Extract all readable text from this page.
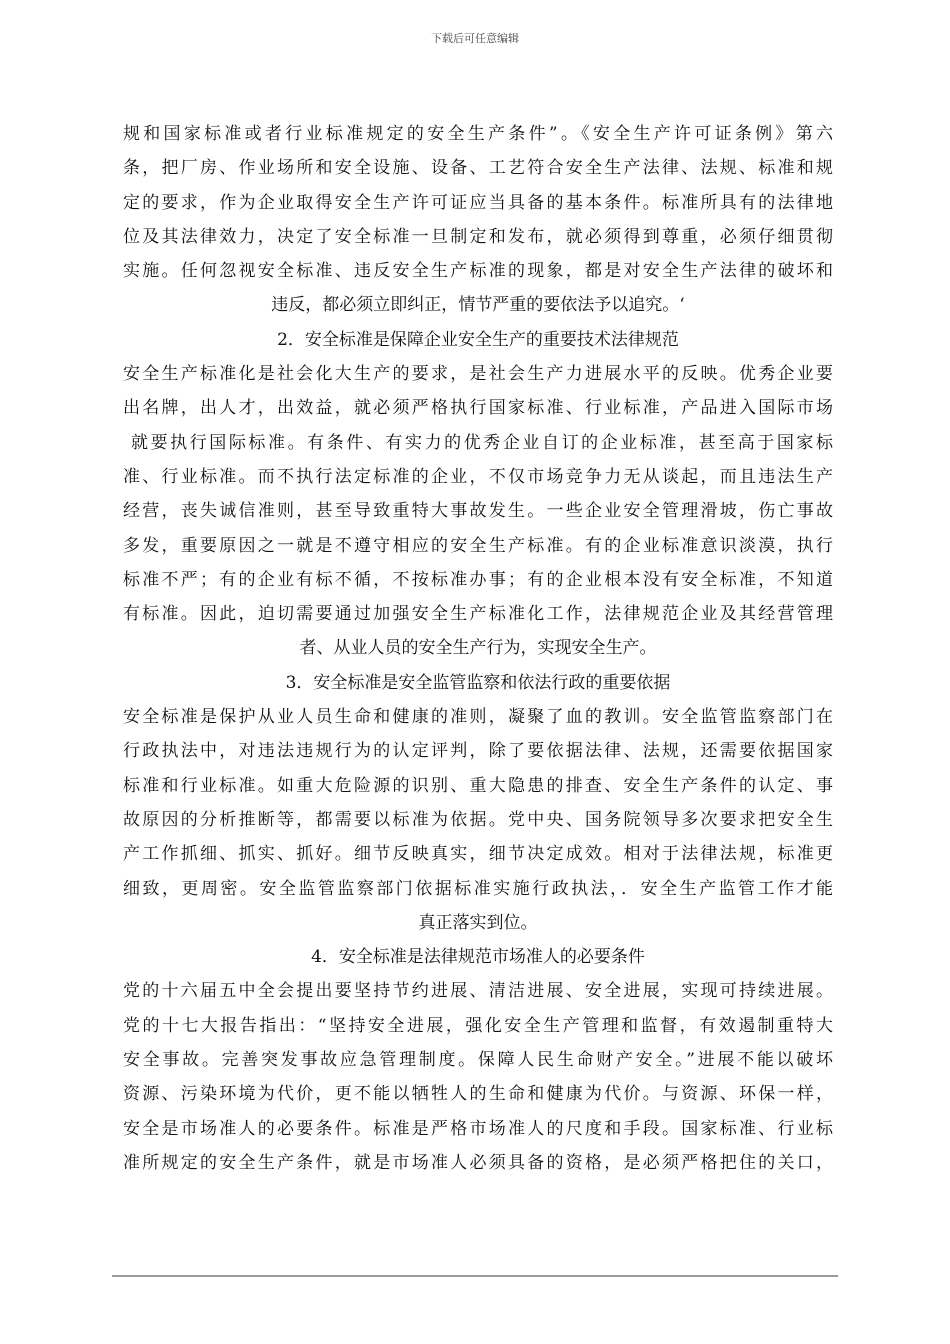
下载后可任意编辑
规和国家标准或者行业标准规定的安全生产条件”。《安全生产许可证条例》第六
条，把厂房、作业场所和安全设施、设备、工艺符合安全生产法律、法规、标准和规
定的要求，作为企业取得安全生产许可证应当具备的基本条件。标准所具有的法律地
位及其法律效力，决定了安全标准一旦制定和发布，就必须得到尊重，必须仔细贯彻
实施。任何忽视安全标准、违反安全生产标准的现象，都是对安全生产法律的破坏和
违反，都必须立即纠正，情节严重的要依法予以追究。‘
2．安全标准是保障企业安全生产的重要技术法律规范
安全生产标准化是社会化大生产的要求，是社会生产力进展水平的反映。优秀企业要
出名牌，出人才，出效益，就必须严格执行国家标准、行业标准，产品进入国际市场
就要执行国际标准。有条件、有实力的优秀企业自订的企业标准，甚至高于国家标
准、行业标准。而不执行法定标准的企业，不仅市场竞争力无从谈起，而且违法生产
经营，丧失诚信准则，甚至导致重特大事故发生。一些企业安全管理滑坡，伤亡事故
多发，重要原因之一就是不遵守相应的安全生产标准。有的企业标准意识淡漠，执行
标准不严；有的企业有标不循，不按标准办事；有的企业根本没有安全标准，不知道
有标准。因此，迫切需要通过加强安全生产标准化工作，法律规范企业及其经营管理
者、从业人员的安全生产行为，实现安全生产。
3．安全标准是安全监管监察和依法行政的重要依据
安全标准是保护从业人员生命和健康的准则，凝聚了血的教训。安全监管监察部门在
行政执法中，对违法违规行为的认定评判，除了要依据法律、法规，还需要依据国家
标准和行业标准。如重大危险源的识别、重大隐患的排查、安全生产条件的认定、事
故原因的分析推断等，都需要以标准为依据。党中央、国务院领导多次要求把安全生
产工作抓细、抓实、抓好。细节反映真实，细节决定成效。相对于法律法规，标准更
细致，更周密。安全监管监察部门依据标准实施行政执法，．安全生产监管工作才能
真正落实到位。
4．安全标准是法律规范市场准人的必要条件
党的十六届五中全会提出要坚持节约进展、清洁进展、安全进展，实现可持续进展。
党的十七大报告指出：“坚持安全进展，强化安全生产管理和监督，有效遏制重特大
安全事故。完善突发事故应急管理制度。保障人民生命财产安全。”进展不能以破坏
资源、污染环境为代价，更不能以牺牲人的生命和健康为代价。与资源、环保一样，
安全是市场准人的必要条件。标准是严格市场准人的尺度和手段。国家标准、行业标
准所规定的安全生产条件，就是市场准人必须具备的资格，是必须严格把住的关口，
